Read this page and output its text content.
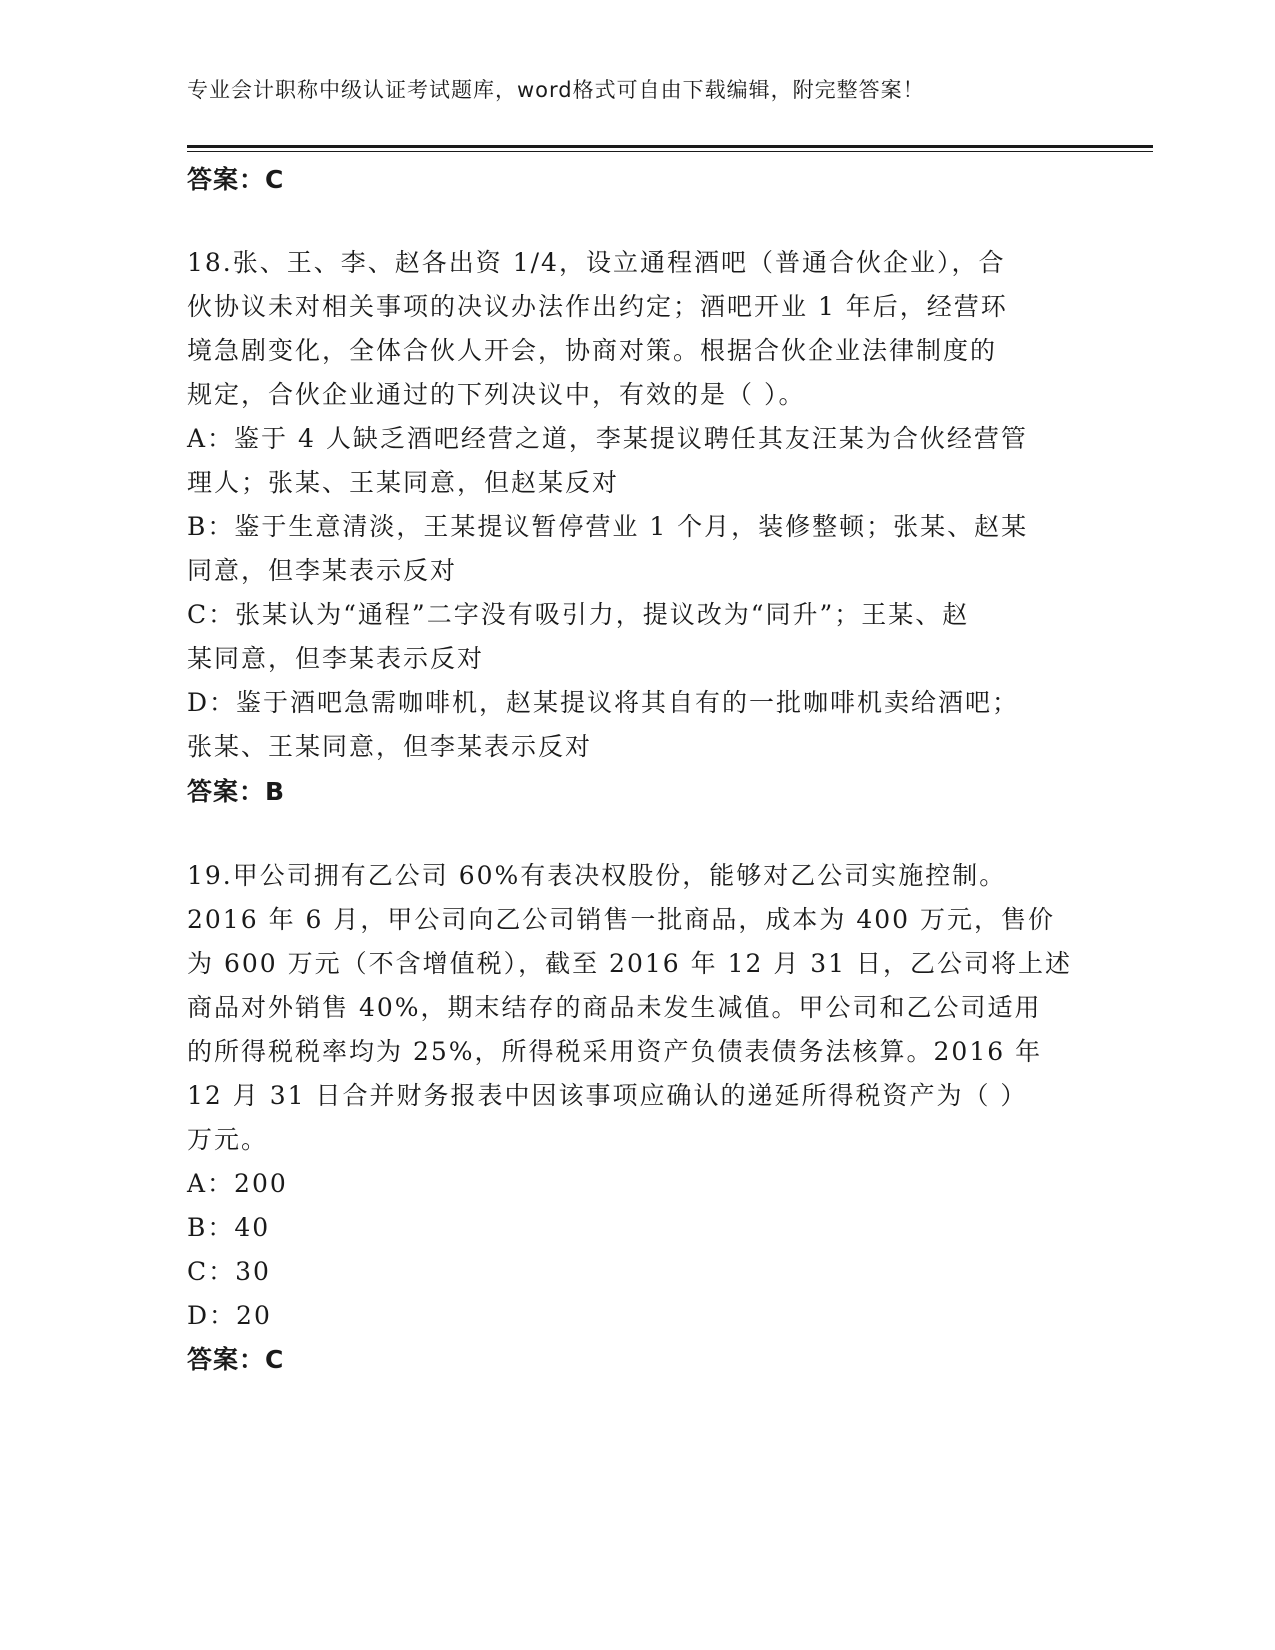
专业会计职称中级认证考试题库，word格式可自由下载编辑，附完整答案！
答案：C
18.张、王、李、赵各出资 1/4，设立通程酒吧（普通合伙企业），合
伙协议未对相关事项的决议办法作出约定；酒吧开业 1 年后，经营环
境急剧变化，全体合伙人开会，协商对策。根据合伙企业法律制度的
规定，合伙企业通过的下列决议中，有效的是（ ）。
A：鉴于 4 人缺乏酒吧经营之道，李某提议聘任其友汪某为合伙经营管
理人；张某、王某同意，但赵某反对
B：鉴于生意清淡，王某提议暂停营业 1 个月，装修整顿；张某、赵某
同意，但李某表示反对
C：张某认为“通程”二字没有吸引力，提议改为“同升”；王某、赵
某同意，但李某表示反对
D：鉴于酒吧急需咖啡机，赵某提议将其自有的一批咖啡机卖给酒吧；
张某、王某同意，但李某表示反对
答案：B
19.甲公司拥有乙公司 60%有表决权股份，能够对乙公司实施控制。
2016 年 6 月，甲公司向乙公司销售一批商品，成本为 400 万元，售价
为 600 万元（不含增值税），截至 2016 年 12 月 31 日，乙公司将上述
商品对外销售 40%，期末结存的商品未发生减值。甲公司和乙公司适用
的所得税税率均为 25%，所得税采用资产负债表债务法核算。2016 年
12 月 31 日合并财务报表中因该事项应确认的递延所得税资产为（ ）
万元。
A：200
B：40
C：30
D：20
答案：C
